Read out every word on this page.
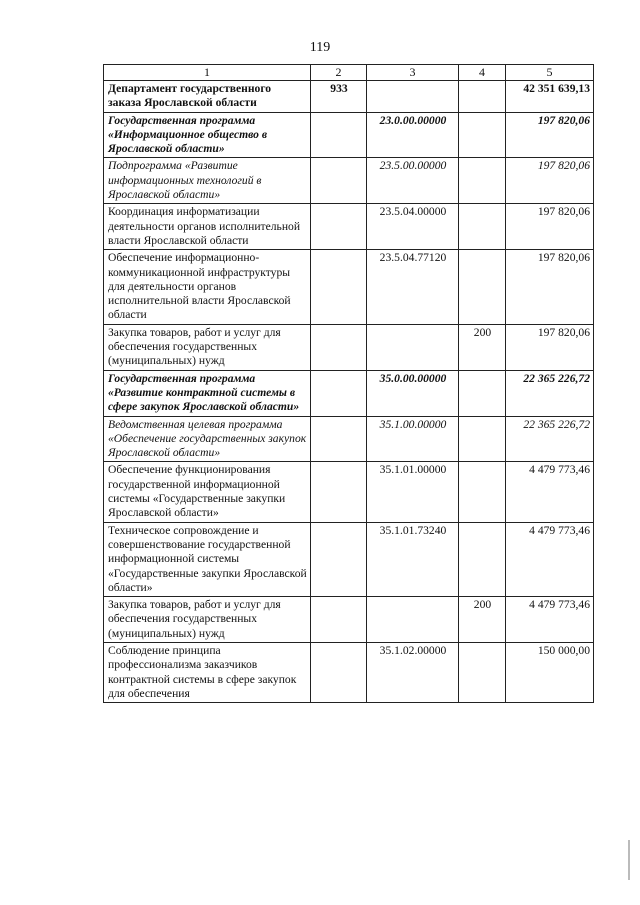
119
1	2	3	4	5
Департамент государственного заказа Ярославской области	933			42 351 639,13
Государственная программа «Информационное общество в Ярославской области»		23.0.00.00000		197 820,06
Подпрограмма «Развитие информационных технологий в Ярославской области»		23.5.00.00000		197 820,06
Координация информатизации деятельности органов исполнительной власти Ярославской области		23.5.04.00000		197 820,06
Обеспечение информационно-коммуникационной инфраструктуры для деятельности органов исполнительной власти Ярославской области		23.5.04.77120		197 820,06
Закупка товаров, работ и услуг для обеспечения государственных (муниципальных) нужд			200	197 820,06
Государственная программа «Развитие контрактной системы в сфере закупок Ярославской области»		35.0.00.00000		22 365 226,72
Ведомственная целевая программа «Обеспечение государственных закупок Ярославской области»		35.1.00.00000		22 365 226,72
Обеспечение функционирования государственной информационной системы «Государственные закупки Ярославской области»		35.1.01.00000		4 479 773,46
Техническое сопровождение и совершенствование государственной информационной системы «Государственные закупки Ярославской области»		35.1.01.73240		4 479 773,46
Закупка товаров, работ и услуг для обеспечения государственных (муниципальных) нужд			200	4 479 773,46
Соблюдение принципа профессионализма заказчиков контрактной системы в сфере закупок для обеспечения		35.1.02.00000		150 000,00
